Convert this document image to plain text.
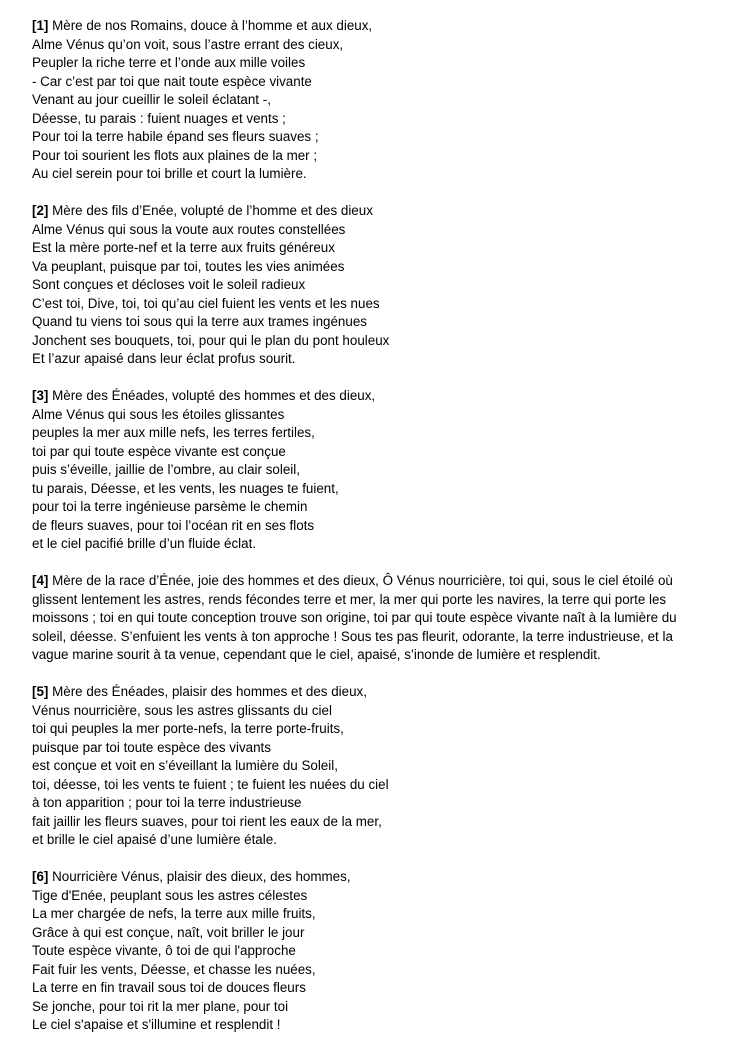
[1] Mère de nos Romains, douce à l’homme et aux dieux,
Alme Vénus qu’on voit, sous l’astre errant des cieux,
Peupler la riche terre et l’onde aux mille voiles
- Car c’est par toi que nait toute espèce vivante
Venant au jour cueillir le soleil éclatant -,
Déesse, tu parais : fuient nuages et vents ;
Pour toi la terre habile épand ses fleurs suaves ;
Pour toi sourient les flots aux plaines de la mer ;
Au ciel serein pour toi brille et court la lumière.
[2] Mère des fils d’Enée, volupté de l’homme et des dieux
Alme Vénus qui sous la voute aux routes constellées
Est la mère porte-nef et la terre aux fruits généreux
Va peuplant, puisque par toi, toutes les vies animées
Sont conçues et décloses voit le soleil radieux
C’est toi, Dive, toi, toi qu’au ciel fuient les vents et les nues
Quand tu viens toi sous qui la terre aux trames ingénues
Jonchent ses bouquets, toi, pour qui le plan du pont houleux
Et l’azur apaisé dans leur éclat profus sourit.
[3] Mère des Énéades, volupté des hommes et des dieux,
Alme Vénus qui sous les étoiles glissantes
peuples la mer aux mille nefs, les terres fertiles,
toi par qui toute espèce vivante est conçue
puis s’éveille, jaillie de l’ombre, au clair soleil,
tu parais, Déesse, et les vents, les nuages te fuient,
pour toi la terre ingénieuse parsème le chemin
de fleurs suaves, pour toi l’océan rit en ses flots
et le ciel pacifié brille d’un fluide éclat.
[4] Mère de la race d’Énée, joie des hommes et des dieux, Ô Vénus nourricière, toi qui, sous le ciel étoilé où
glissent lentement les astres, rends fécondes terre et mer, la mer qui porte les navires, la terre qui porte les
moissons ; toi en qui toute conception trouve son origine, toi par qui toute espèce vivante naît à la lumière du
soleil, déesse. S’enfuient les vents à ton approche ! Sous tes pas fleurit, odorante, la terre industrieuse, et la
vague marine sourit à ta venue, cependant que le ciel, apaisé, s’inonde de lumière et resplendit.
[5] Mère des Énéades, plaisir des hommes et des dieux,
Vénus nourricière, sous les astres glissants du ciel
toi qui peuples la mer porte-nefs, la terre porte-fruits,
puisque par toi toute espèce des vivants
est conçue et voit en s’éveillant la lumière du Soleil,
toi, déesse, toi les vents te fuient ; te fuient les nuées du ciel
à ton apparition ; pour toi la terre industrieuse
fait jaillir les fleurs suaves, pour toi rient les eaux de la mer,
et brille le ciel apaisé d’une lumière étale.
[6] Nourricière Vénus, plaisir des dieux, des hommes,
Tige d'Enée, peuplant sous les astres célestes
La mer chargée de nefs, la terre aux mille fruits,
Grâce à qui est conçue, naît, voit briller le jour
Toute espèce vivante, ô toi de qui l'approche
Fait fuir les vents, Déesse, et chasse les nuées,
La terre en fin travail sous toi de douces fleurs
Se jonche, pour toi rit la mer plane, pour toi
Le ciel s'apaise et s'illumine et resplendit !
